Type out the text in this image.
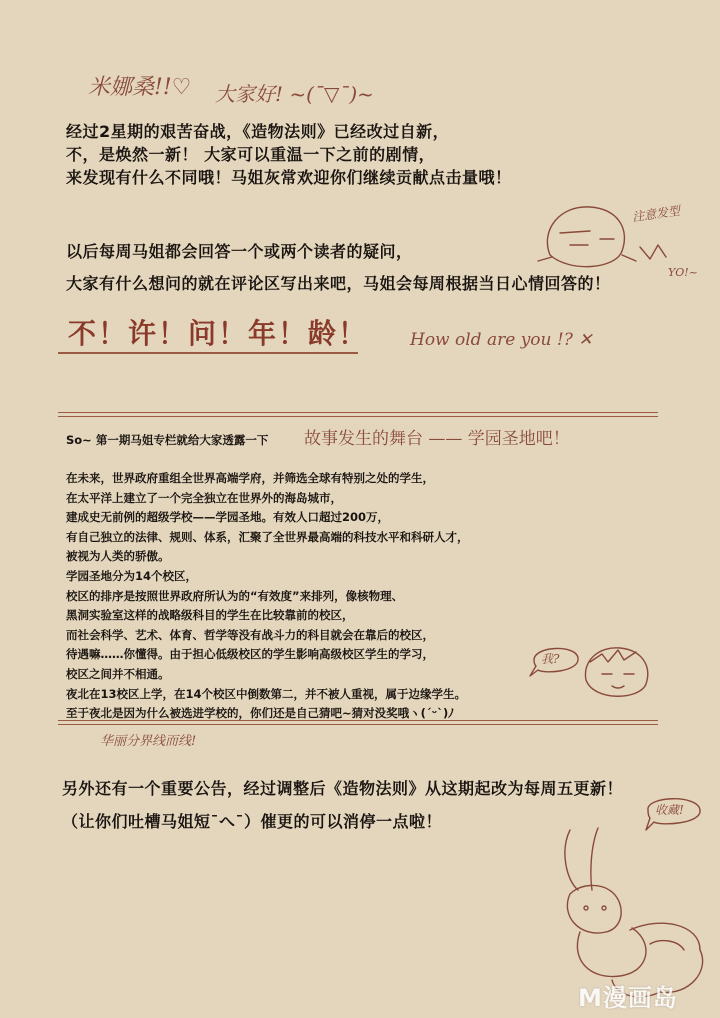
米娜桑!!♡ 大家好! ~(¯▽¯)~

经过2星期的艰苦奋战，《造物法则》已经改过自新，

不，是焕然一新！ 大家可以重温一下之前的剧情，

来发现有什么不同哦！马姐灰常欢迎你们继续贡献点击量哦！

以后每周马姐都会回答一个或两个读者的疑问，

大家有什么想问的就在评论区写出来吧，马姐会每周根据当日心情回答的！

注意发型
YO!~
不！许！问！年！龄！ How old are you !? ✕
So~ 第一期马姐专栏就给大家透露一下 故事发生的舞台 —— 学园圣地吧！

在未来，世界政府重组全世界高端学府，并筛选全球有特别之处的学生，

在太平洋上建立了一个完全独立在世界外的海岛城市，

建成史无前例的超级学校——学园圣地。有效人口超过200万，

有自己独立的法律、规则、体系，汇聚了全世界最高端的科技水平和科研人才，

被视为人类的骄傲。

学园圣地分为14个校区，

校区的排序是按照世界政府所认为的“有效度”来排列，像核物理、

黑洞实验室这样的战略级科目的学生在比较靠前的校区，

而社会科学、艺术、体育、哲学等没有战斗力的科目就会在靠后的校区，

待遇嘛……你懂得。由于担心低级校区的学生影响高级校区学生的学习，

校区之间并不相通。

夜北在13校区上学，在14个校区中倒数第二，并不被人重视，属于边缘学生。

至于夜北是因为什么被选进学校的，你们还是自己猜吧~猜对没奖哦ヽ(ˊᵕˋ)ﾉ

我?
华丽分界线而线!

另外还有一个重要公告，经过调整后《造物法则》从这期起改为每周五更新！

（让你们吐槽马姐短¯へ¯）催更的可以消停一点啦！

收藏!
M漫画岛
